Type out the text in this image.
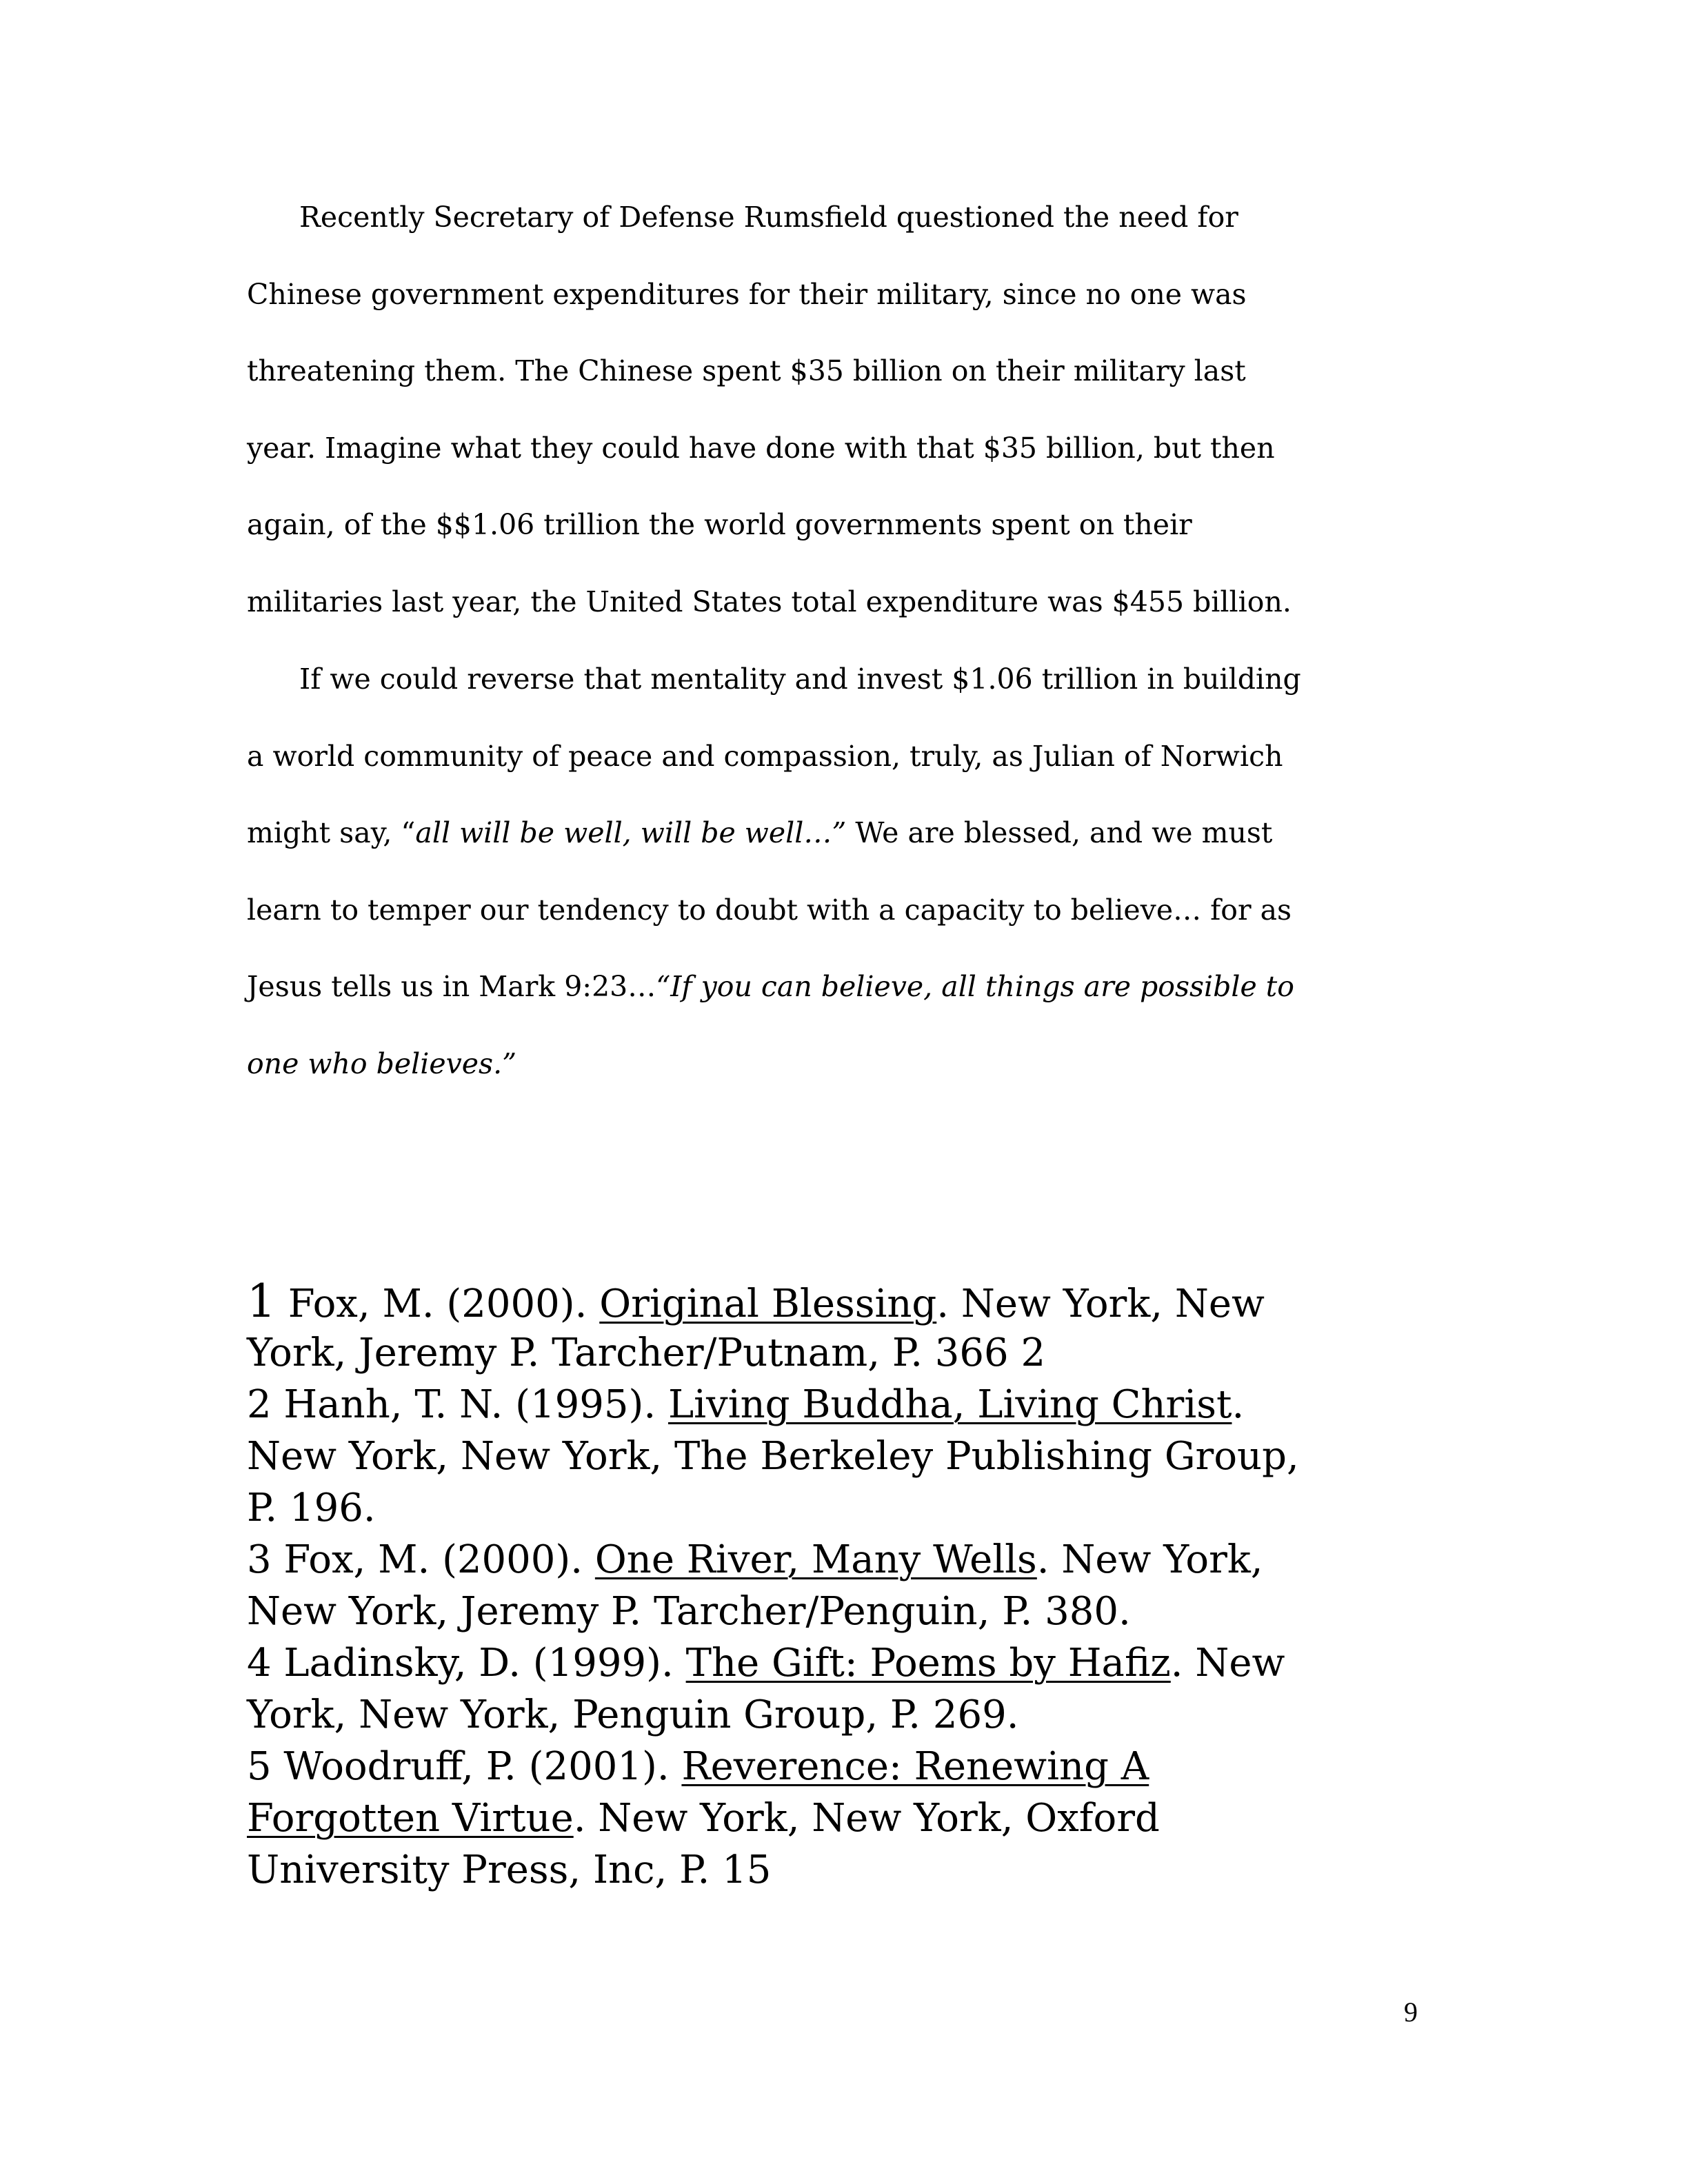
Recently Secretary of Defense Rumsfield questioned the need for
Chinese government expenditures for their military, since no one was
threatening them. The Chinese spent $35 billion on their military last
year. Imagine what they could have done with that $35 billion, but then
again, of the $$1.06 trillion the world governments spent on their
militaries last year, the United States total expenditure was $455 billion.
If we could reverse that mentality and invest $1.06 trillion in building
a world community of peace and compassion, truly, as Julian of Norwich
might say, “all will be well, will be well…” We are blessed, and we must
learn to temper our tendency to doubt with a capacity to believe… for as
Jesus tells us in Mark 9:23…“If you can believe, all things are possible to
one who believes.”
1 Fox, M. (2000). Original Blessing. New York, New
York, Jeremy P. Tarcher/Putnam, P. 366 2
2 Hanh, T. N. (1995). Living Buddha, Living Christ.
New York, New York, The Berkeley Publishing Group,
P. 196.
3 Fox, M. (2000). One River, Many Wells. New York,
New York, Jeremy P. Tarcher/Penguin, P. 380.
4 Ladinsky, D. (1999). The Gift: Poems by Hafiz. New
York, New York, Penguin Group, P. 269.
5 Woodruff, P. (2001). Reverence: Renewing A
Forgotten Virtue. New York, New York, Oxford
University Press, Inc, P. 15
9
